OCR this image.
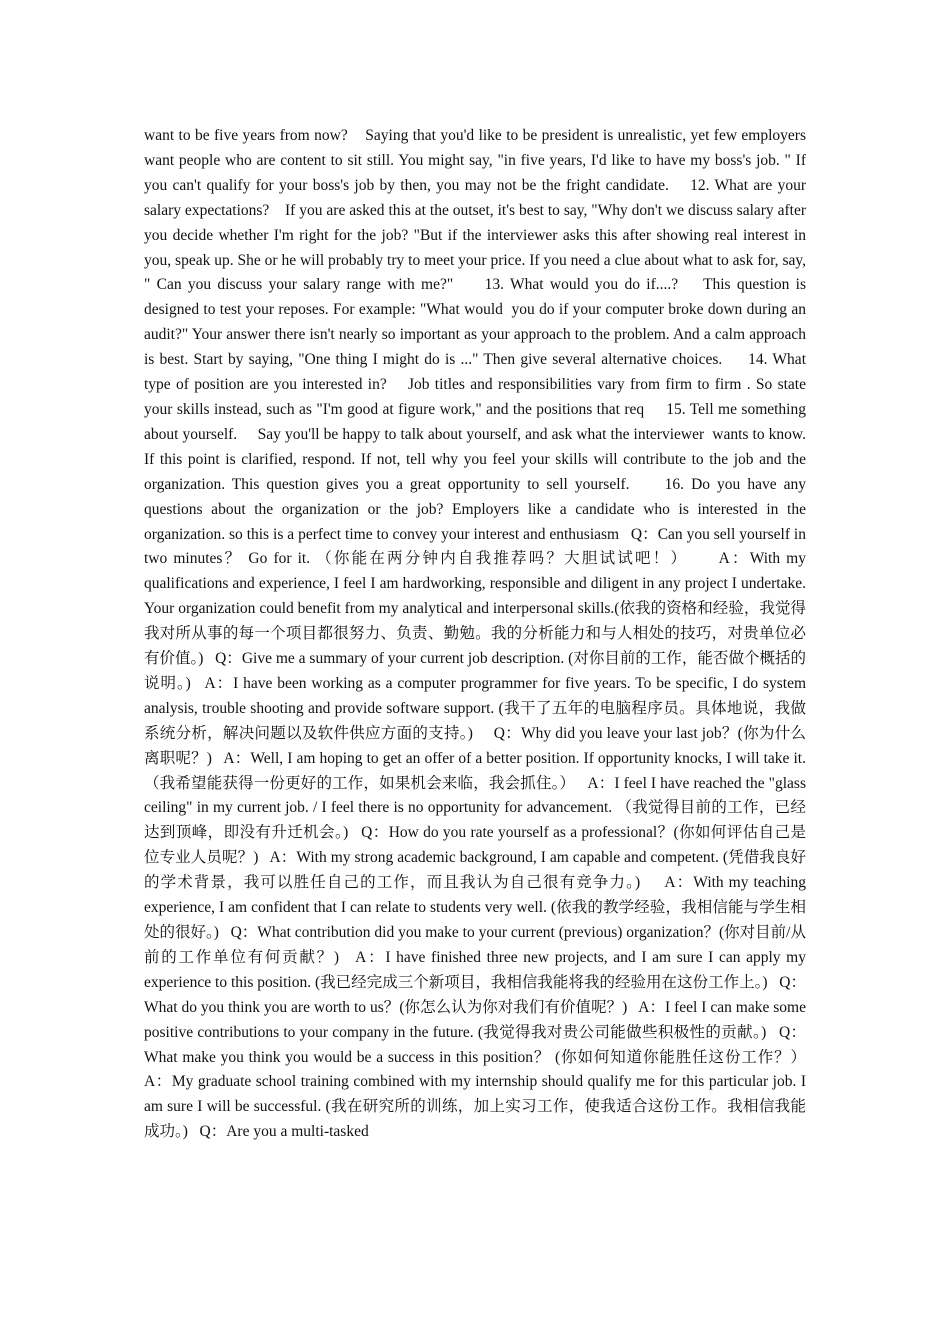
want to be five years from now?    Saying that you'd like to be president is unrealistic, yet few employers want people who are content to sit still. You might say, "in five years, I'd like to have my boss's job. " If you can't qualify for your boss's job by then, you may not be the fright candidate.    12. What are your salary expectations?    If you are asked this at the outset, it's best to say, "Why don't we discuss salary after you decide whether I'm right for the job? "But if the interviewer asks this after showing real interest in you, speak up. She or he will probably try to meet your price. If you need a clue about what to ask for, say, " Can you discuss your salary range with me?"     13. What would you do if....?    This question is designed to test your reposes. For example: "What would  you do if your computer broke down during an audit?" Your answer there isn't nearly so important as your approach to the problem. And a calm approach is best. Start by saying, "One thing I might do is ..." Then give several alternative choices.     14. What type of position are you interested in?    Job titles and responsibilities vary from firm to firm . So state your skills instead, such as "I'm good at figure work," and the positions that req     15. Tell me something about yourself.     Say you'll be happy to talk about yourself, and ask what the interviewer  wants to know. If this point is clarified, respond. If not, tell why you feel your skills will contribute to the job and the organization. This question gives you a great opportunity to sell yourself.     16. Do you have any questions about the organization or the job? Employers like a candidate who is interested in the organization. so this is a perfect time to convey your interest and enthusiasm   Q：Can you sell yourself in two minutes？ Go for it. （你能在两分钟内自我推荐吗？大胆试试吧！）     A：With my qualifications and experience, I feel I am hardworking, responsible and diligent in any project I undertake. Your organization could benefit from my analytical and interpersonal skills.(依我的资格和经验，我觉得我对所从事的每一个项目都很努力、负责、勤勉。我的分析能力和与人相处的技巧，对贵单位必有价值。)   Q：Give me a summary of your current job description. (对你目前的工作，能否做个概括的说明。)   A：I have been working as a computer programmer for five years. To be specific, I do system analysis, trouble shooting and provide software support. (我干了五年的电脑程序员。具体地说，我做系统分析，解决问题以及软件供应方面的支持。)     Q：Why did you leave your last job？(你为什么离职呢？)   A：Well, I am hoping to get an offer of a better position. If opportunity knocks, I will take it.（我希望能获得一份更好的工作，如果机会来临，我会抓住。）   A：I feel I have reached the "glass ceiling" in my current job. / I feel there is no opportunity for advancement. （我觉得目前的工作，已经达到顶峰，即没有升迁机会。)   Q：How do you rate yourself as a professional？(你如何评估自己是位专业人员呢？)   A：With my strong academic background, I am capable and competent. (凭借我良好的学术背景，我可以胜任自己的工作，而且我认为自己很有竞争力。)     A：With my teaching experience, I am confident that I can relate to students very well. (依我的教学经验，我相信能与学生相处的很好。)   Q：What contribution did you make to your current (previous) organization？(你对目前/从前的工作单位有何贡献？)   A：I have finished three new projects, and I am sure I can apply my experience to this position. (我已经完成三个新项目，我相信我能将我的经验用在这份工作上。)   Q：What do you think you are worth to us？(你怎么认为你对我们有价值呢？)   A：I feel I can make some positive contributions to your company in the future. (我觉得我对贵公司能做些积极性的贡献。)   Q：What make you think you would be a success in this position？ (你如何知道你能胜任这份工作？）     A：My graduate school training combined with my internship should qualify me for this particular job. I am sure I will be successful. (我在研究所的训练，加上实习工作，使我适合这份工作。我相信我能成功。)   Q：Are you a multi-tasked
